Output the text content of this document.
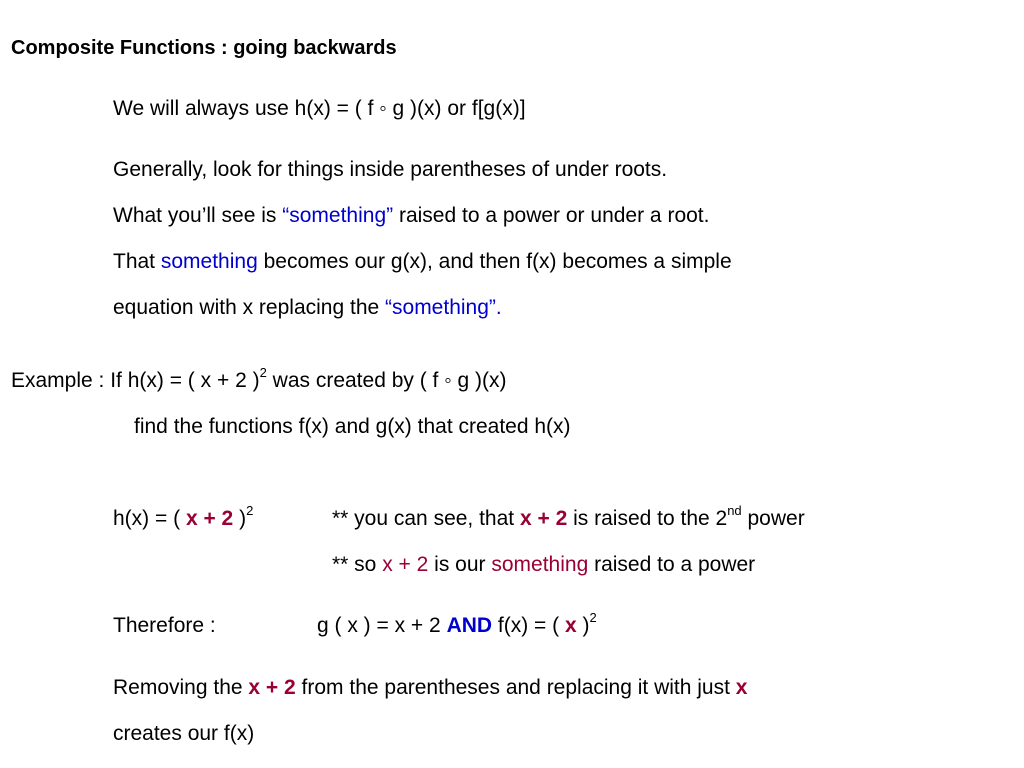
Composite Functions : going backwards
We will always use h(x) = ( f ◦ g )(x) or f[g(x)]
Generally, look for things inside parentheses of under roots.
What you’ll see is “something” raised to a power or under a root.
That something becomes our g(x), and then f(x) becomes a simple
equation with x replacing the “something”.
Example : If h(x) = ( x + 2 )$^2$ was created by ( f ◦ g )(x)
find the functions f(x) and g(x) that created h(x)
h(x) = ( x + 2 )$^2$	** you can see, that x + 2 is raised to the 2nd power
** so x + 2 is our something raised to a power
Therefore :	g ( x ) = x + 2 AND f(x) = ( x )$^2$
Removing the x + 2 from the parentheses and replacing it with just x
creates our f(x)
